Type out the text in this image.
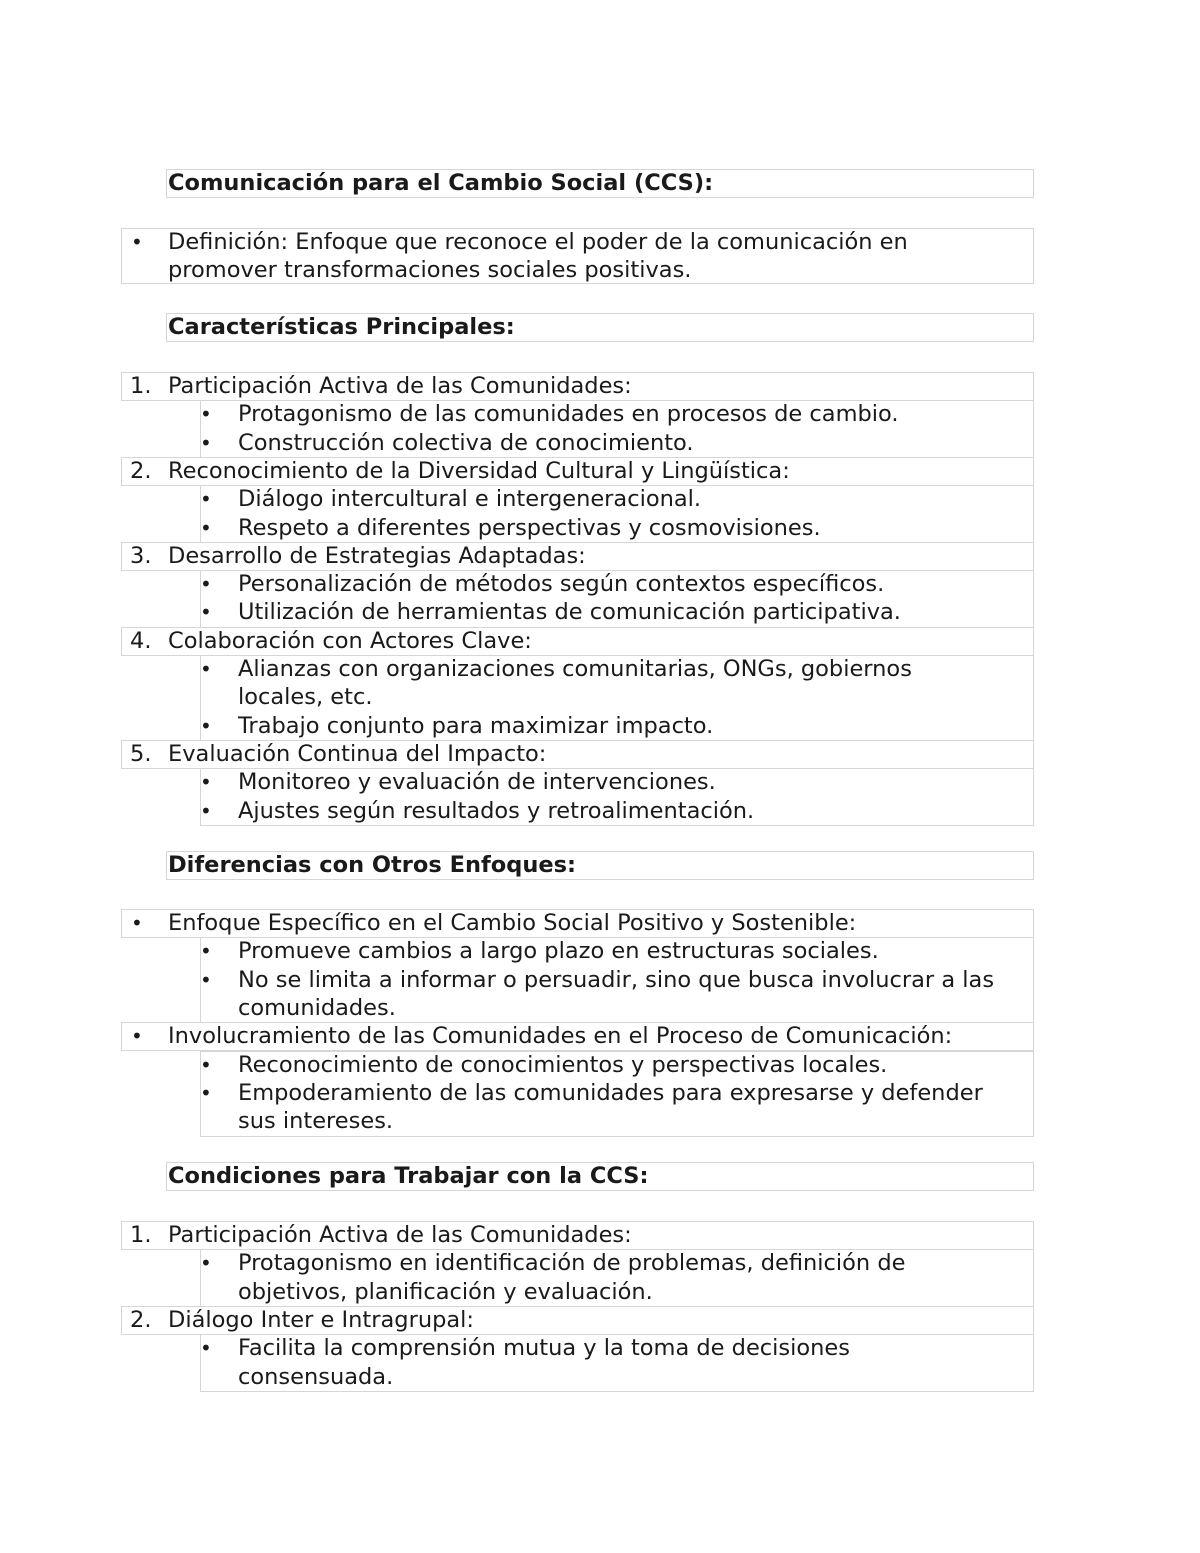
Comunicación para el Cambio Social (CCS):
• Definición: Enfoque que reconoce el poder de la comunicación en
promover transformaciones sociales positivas.
Características Principales:
1. Participación Activa de las Comunidades:
• Protagonismo de las comunidades en procesos de cambio.
• Construcción colectiva de conocimiento.
2. Reconocimiento de la Diversidad Cultural y Lingüística:
• Diálogo intercultural e intergeneracional.
• Respeto a diferentes perspectivas y cosmovisiones.
3. Desarrollo de Estrategias Adaptadas:
• Personalización de métodos según contextos específicos.
• Utilización de herramientas de comunicación participativa.
4. Colaboración con Actores Clave:
• Alianzas con organizaciones comunitarias, ONGs, gobiernos
locales, etc.
• Trabajo conjunto para maximizar impacto.
5. Evaluación Continua del Impacto:
• Monitoreo y evaluación de intervenciones.
• Ajustes según resultados y retroalimentación.
Diferencias con Otros Enfoques:
• Enfoque Específico en el Cambio Social Positivo y Sostenible:
• Promueve cambios a largo plazo en estructuras sociales.
• No se limita a informar o persuadir, sino que busca involucrar a las
comunidades.
• Involucramiento de las Comunidades en el Proceso de Comunicación:
• Reconocimiento de conocimientos y perspectivas locales.
• Empoderamiento de las comunidades para expresarse y defender
sus intereses.
Condiciones para Trabajar con la CCS:
1. Participación Activa de las Comunidades:
• Protagonismo en identificación de problemas, definición de
objetivos, planificación y evaluación.
2. Diálogo Inter e Intragrupal:
• Facilita la comprensión mutua y la toma de decisiones
consensuada.
